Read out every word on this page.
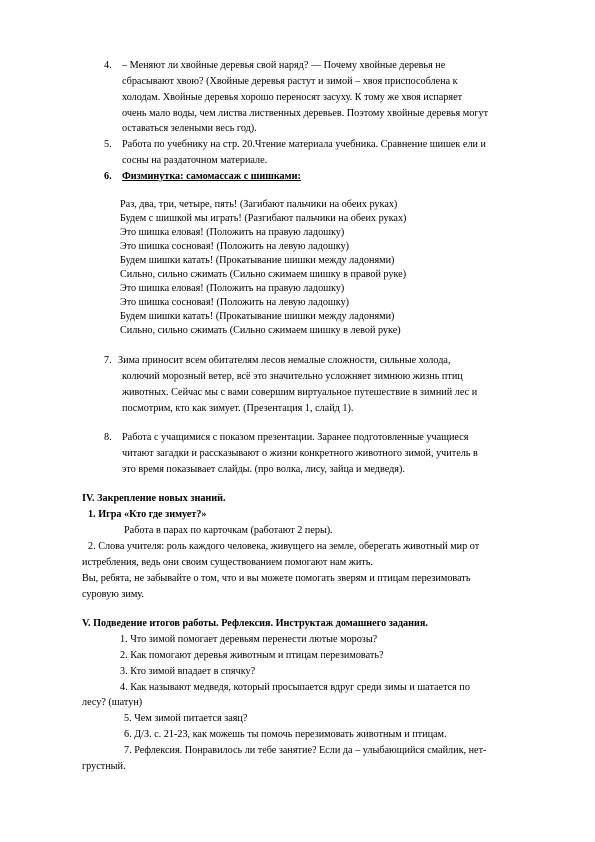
4. – Меняют ли хвойные деревья свой наряд? — Почему хвойные деревья не
сбрасывают хвою? (Хвойные деревья растут и зимой – хвоя приспособлена к
холодам. Хвойные деревья хорошо переносят засуху. К тому же хвоя испаряет
очень мало воды, чем листва лиственных деревьев. Поэтому хвойные деревья могут
оставаться зелеными весь год).
5. Работа по учебнику на стр. 20.Чтение материала учебника. Сравнение шишек ели и
сосны на раздаточном материале.
6. Физминутка: самомассаж с шишками:
Раз, два, три, четыре, пять! (Загибают пальчики на обеих руках)
Будем с шишкой мы играть! (Разгибают пальчики на обеих руках)
Это шишка еловая! (Положить на правую ладошку)
Это шишка сосновая! (Положить на левую ладошку)
Будем шишки катать! (Прокатывание шишки между ладонями)
Сильно, сильно сжимать (Сильно сжимаем шишку в правой руке)
Это шишка еловая! (Положить на правую ладошку)
Это шишка сосновая! (Положить на левую ладошку)
Будем шишки катать! (Прокатывание шишки между ладонями)
Сильно, сильно сжимать (Сильно сжимаем шишку в левой руке)
7. Зима приносит всем обитателям лесов немалые сложности, сильные холода,
колючий морозный ветер, всё это значительно усложняет зимнюю жизнь птиц
животных. Сейчас мы с вами совершим виртуальное путешествие в зимний лес и
посмотрим, кто как зимует. (Презентация 1, слайд 1).
8. Работа с учащимися с показом презентации. Заранее подготовленные учащиеся
читают загадки и рассказывают о жизни конкретного животного зимой, учитель в
это время показывает слайды. (про волка, лису, зайца и медведя).
IV. Закрепление новых знаний.
1. Игра «Кто где зимует?»
Работа в парах по карточкам (работают 2 перы).
2. Слова учителя: роль каждого человека, живущего на земле, оберегать животный мир от
истребления, ведь они своим существованием помогают нам жить.
Вы, ребята, не забывайте о том, что и вы можете помогать зверям и птицам перезимовать
суровую зиму.
V. Подведение итогов работы. Рефлексия. Инструктаж домашнего задания.
1. Что зимой помогает деревьям перенести лютые морозы?
2. Как помогают деревья животным и птицам перезимовать?
3. Кто зимой впадает в спячку?
4. Как называют медведя, который просыпается вдруг среди зимы и шатается по
лесу? (шатун)
5. Чем зимой питается заяц?
6. Д/З. с. 21-23, как можешь ты помочь перезимовать животным и птицам.
7. Рефлексия. Понравилось ли тебе занятие? Если да – улыбающийся смайлик, нет-
грустный.
